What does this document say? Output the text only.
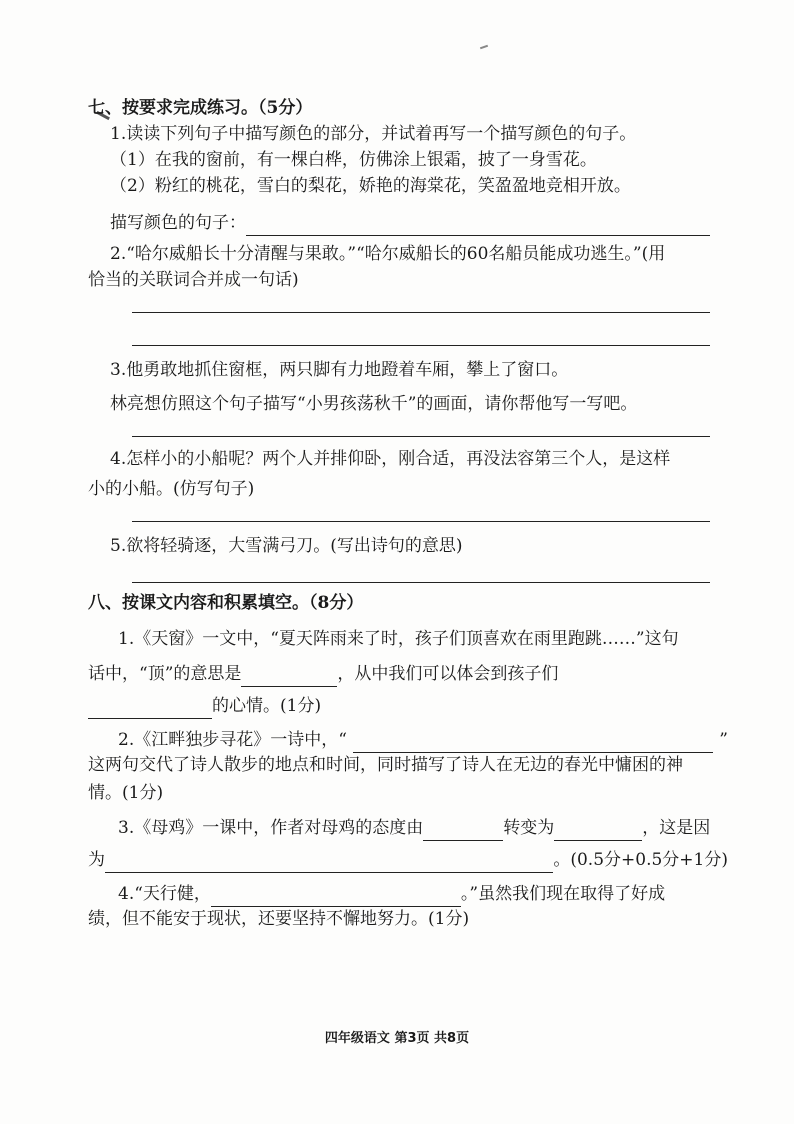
七、按要求完成练习。（5分）
1.读读下列句子中描写颜色的部分，并试着再写一个描写颜色的句子。
（1）在我的窗前，有一棵白桦，仿佛涂上银霜，披了一身雪花。
（2）粉红的桃花，雪白的梨花，娇艳的海棠花，笑盈盈地竞相开放。
描写颜色的句子：
2.“哈尔威船长十分清醒与果敢。”“哈尔威船长的60名船员能成功逃生。”(用
恰当的关联词合并成一句话)
3.他勇敢地抓住窗框，两只脚有力地蹬着车厢，攀上了窗口。
林亮想仿照这个句子描写“小男孩荡秋千”的画面，请你帮他写一写吧。
4.怎样小的小船呢？两个人并排仰卧，刚合适，再没法容第三个人，是这样
小的小船。(仿写句子)
5.欲将轻骑逐，大雪满弓刀。(写出诗句的意思)
八、按课文内容和积累填空。（8分）
1.《天窗》一文中，“夏天阵雨来了时，孩子们顶喜欢在雨里跑跳……”这句
话中，“顶”的意思是	，从中我们可以体会到孩子们
的心情。(1分)
2.《江畔独步寻花》一诗中，“	”
这两句交代了诗人散步的地点和时间，同时描写了诗人在无边的春光中慵困的神
情。(1分)
3.《母鸡》一课中，作者对母鸡的态度由	转变为	，这是因
为	。(0.5分+0.5分+1分)
4.“天行健，	。”虽然我们现在取得了好成
绩，但不能安于现状，还要坚持不懈地努力。(1分)
四年级语文 第3页 共8页
